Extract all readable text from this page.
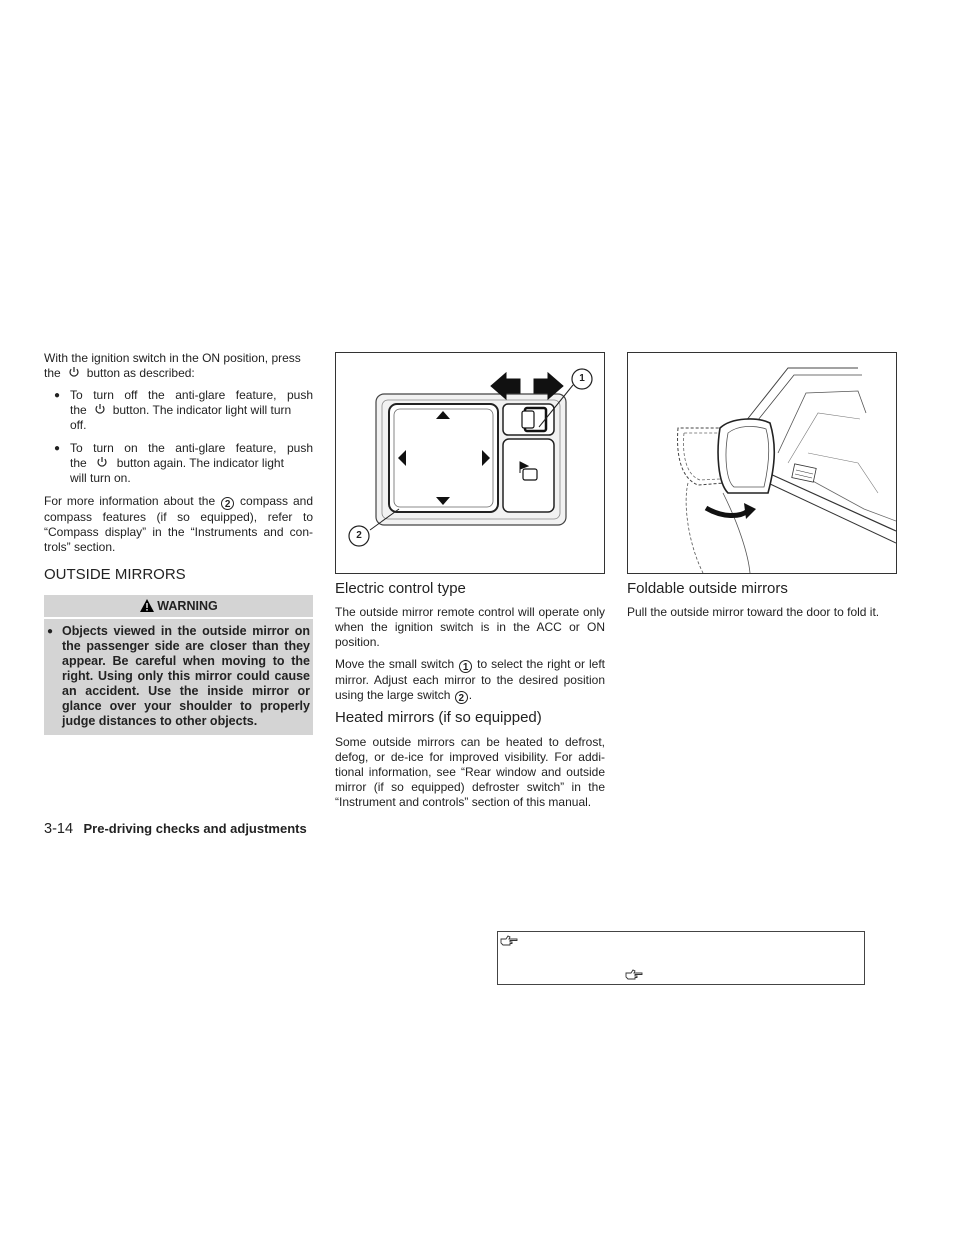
With the ignition switch in the ON position, press
the button as described:
● To turn off the anti-glare feature, push
the button. The indicator light will turn
off.
● To turn on the anti-glare feature, push
the	button again. The indicator light
will turn on.
For more information about the 2 compass and compass features (if so equipped), refer to “Compass display” in the “Instruments and con-trols” section.
OUTSIDE MIRRORS
WARNING
● Objects viewed in the outside mirror on the passenger side are closer than they appear. Be careful when moving to the right. Using only this mirror could cause an accident. Use the inside mirror or glance over your shoulder to properly judge distances to other objects.
1
2
Electric control type
The outside mirror remote control will operate only when the ignition switch is in the ACC or ON position.
Move the small switch 1 to select the right or left mirror. Adjust each mirror to the desired position using the large switch 2 .
Heated mirrors (if so equipped)
Some outside mirrors can be heated to defrost, defog, or de-ice for improved visibility. For addi-tional information, see “Rear window and outside mirror (if so equipped) defroster switch” in the “Instrument and controls” section of this manual.
Foldable outside mirrors
Pull the outside mirror toward the door to fold it.
3-14 Pre-driving checks and adjustments
